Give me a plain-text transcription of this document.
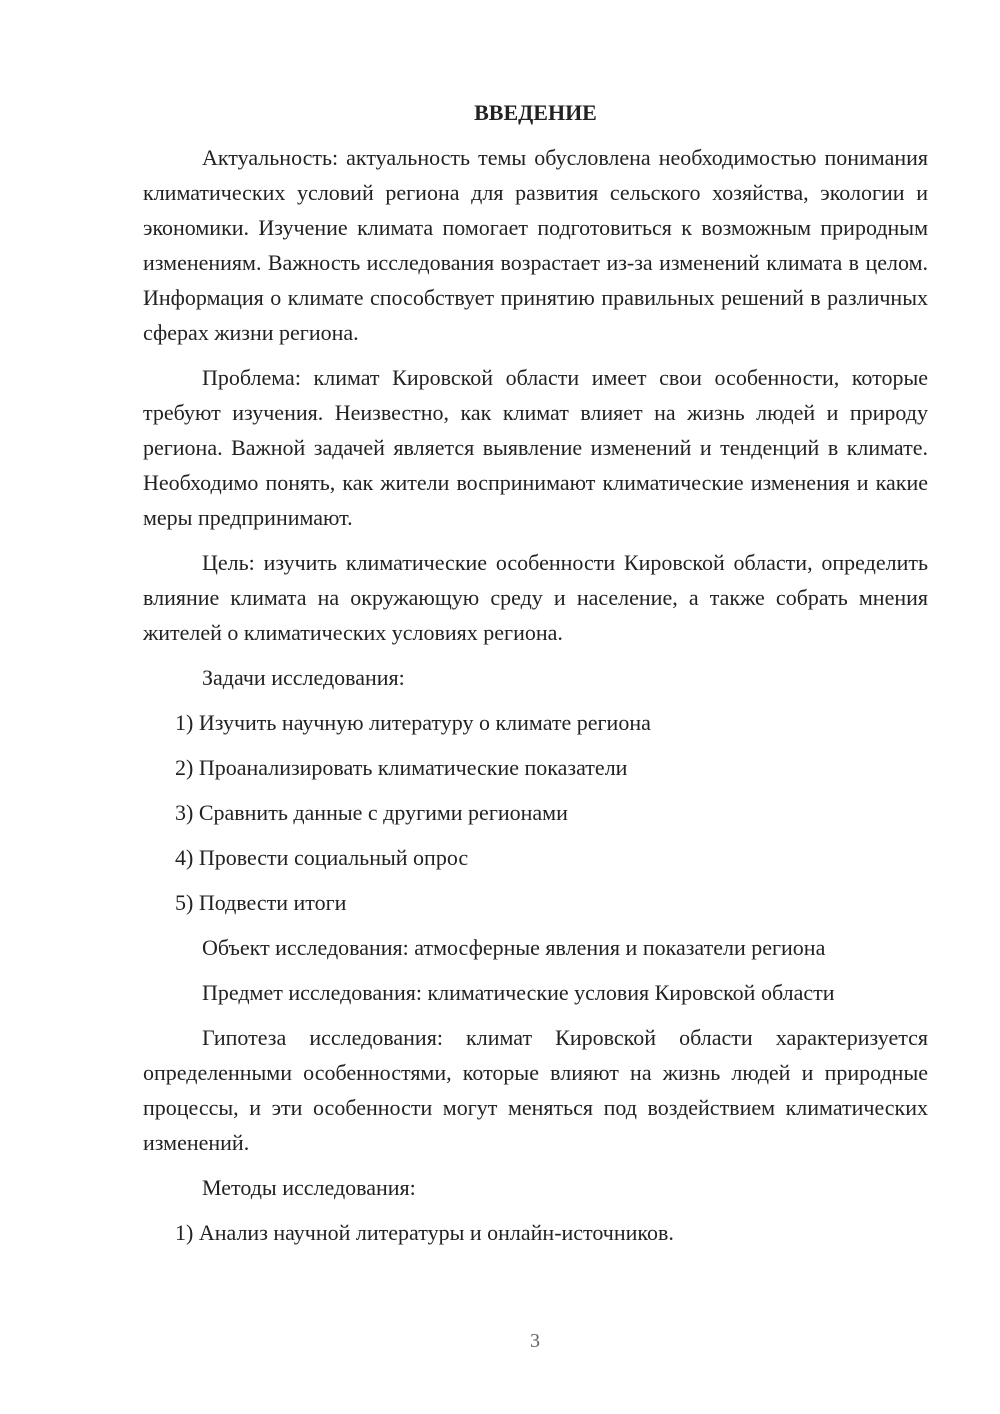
ВВЕДЕНИЕ

Актуальность: актуальность темы обусловлена необходимостью понимания климатических условий региона для развития сельского хозяйства, экологии и экономики. Изучение климата помогает подготовиться к возможным природным изменениям. Важность исследования возрастает из-за изменений климата в целом. Информация о климате способствует принятию правильных решений в различных сферах жизни региона.

Проблема: климат Кировской области имеет свои особенности, которые требуют изучения. Неизвестно, как климат влияет на жизнь людей и природу региона. Важной задачей является выявление изменений и тенденций в климате. Необходимо понять, как жители воспринимают климатические изменения и какие меры предпринимают.

Цель: изучить климатические особенности Кировской области, определить влияние климата на окружающую среду и население, а также собрать мнения жителей о климатических условиях региона.

Задачи исследования:
1) Изучить научную литературу о климате региона
2) Проанализировать климатические показатели
3) Сравнить данные с другими регионами
4) Провести социальный опрос
5) Подвести итоги
Объект исследования: атмосферные явления и показатели региона
Предмет исследования: климатические условия Кировской области

Гипотеза исследования: климат Кировской области характеризуется определенными особенностями, которые влияют на жизнь людей и природные процессы, и эти особенности могут меняться под воздействием климатических изменений.

Методы исследования:
1) Анализ научной литературы и онлайн-источников.
3
